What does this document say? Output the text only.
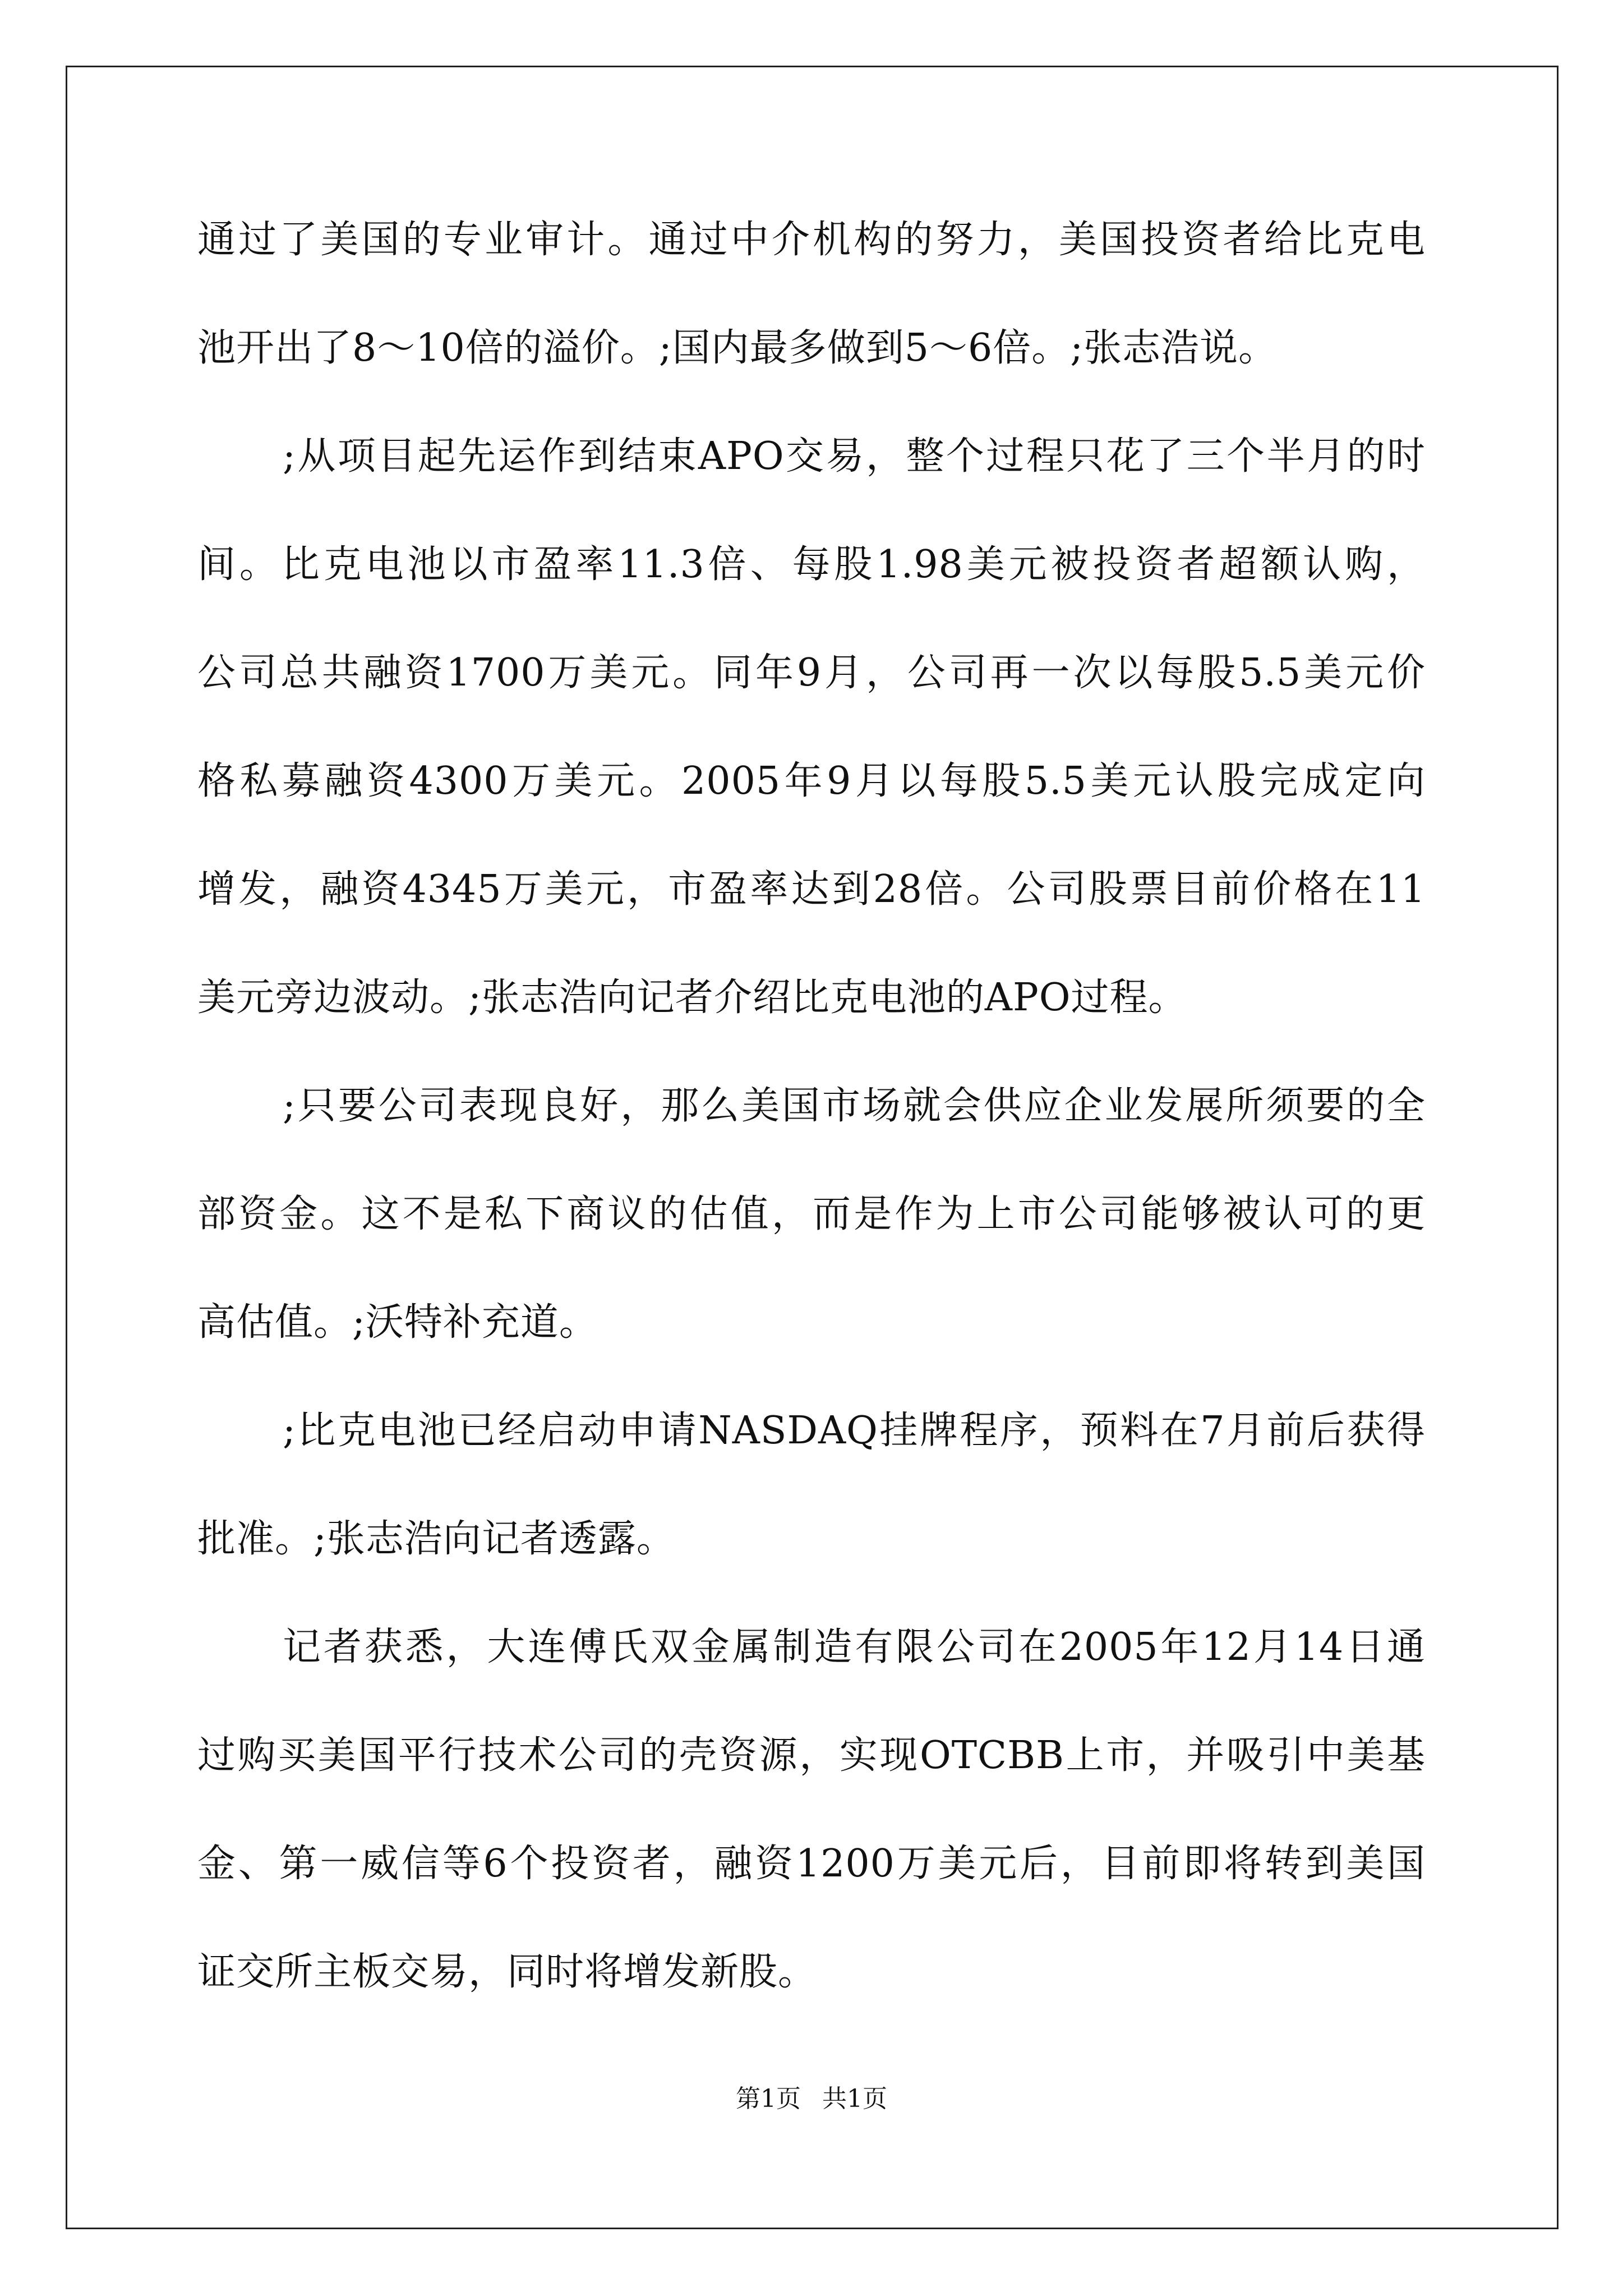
通过了美国的专业审计。通过中介机构的努力，美国投资者给比克电
池开出了8～10倍的溢价。;国内最多做到5～6倍。;张志浩说。
;从项目起先运作到结束APO交易，整个过程只花了三个半月的时
间。比克电池以市盈率11.3倍、每股1.98美元被投资者超额认购，
公司总共融资1700万美元。同年9月，公司再一次以每股5.5美元价
格私募融资4300万美元。2005年9月以每股5.5美元认股完成定向
增发，融资4345万美元，市盈率达到28倍。公司股票目前价格在11
美元旁边波动。;张志浩向记者介绍比克电池的APO过程。
;只要公司表现良好，那么美国市场就会供应企业发展所须要的全
部资金。这不是私下商议的估值，而是作为上市公司能够被认可的更
高估值。;沃特补充道。
;比克电池已经启动申请NASDAQ挂牌程序，预料在7月前后获得
批准。;张志浩向记者透露。
记者获悉，大连傅氏双金属制造有限公司在2005年12月14日通
过购买美国平行技术公司的壳资源，实现OTCBB上市，并吸引中美基
金、第一威信等6个投资者，融资1200万美元后，目前即将转到美国
证交所主板交易，同时将增发新股。
第1页 共1页
